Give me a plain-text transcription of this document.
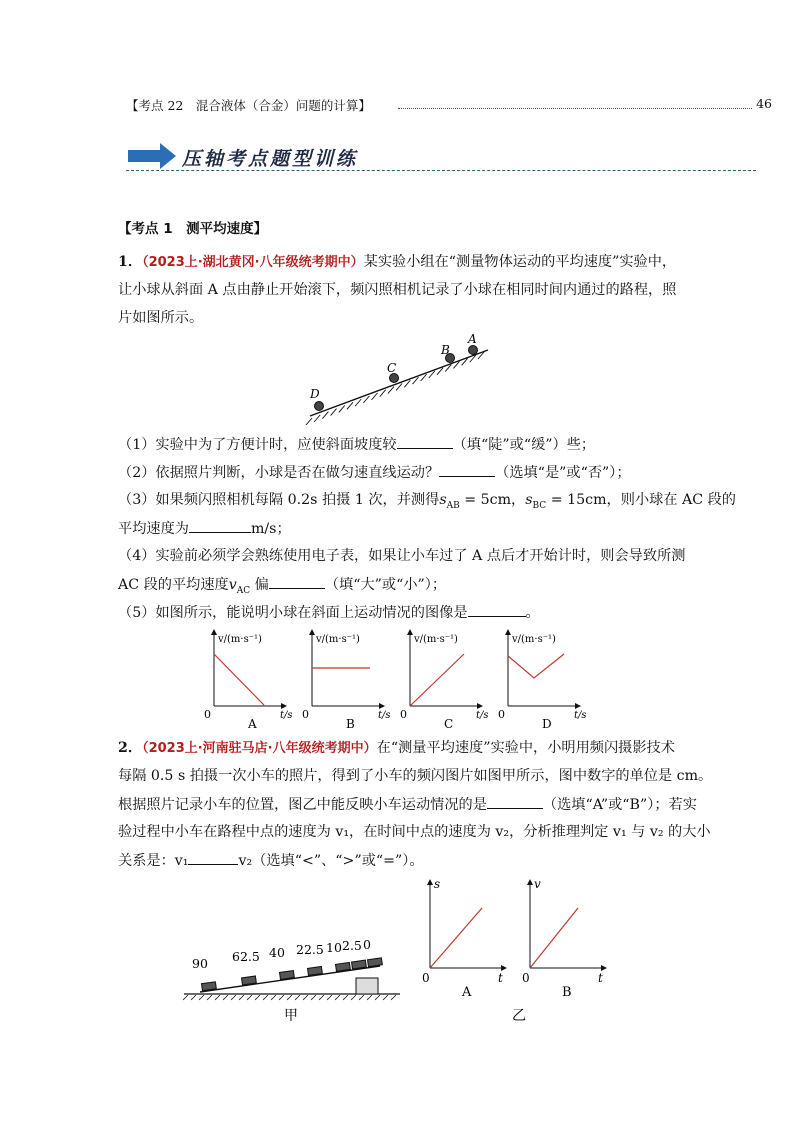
【考点 22　混合液体（合金）问题的计算】	46
压轴考点题型训练
【考点 1　测平均速度】
1．（2023上·湖北黄冈·八年级统考期中）某实验小组在“测量物体运动的平均速度”实验中，
让小球从斜面 A 点由静止开始滚下，频闪照相机记录了小球在相同时间内通过的路程，照
片如图所示。
A
B
C
D
（1）实验中为了方便计时，应使斜面坡度较	（填“陡”或“缓”）些；
（2）依据照片判断，小球是否在做匀速直线运动？	（选填“是”或“否”）；
（3）如果频闪照相机每隔 0.2s 拍摄 1 次，并测得$s_{AB} = 5cm$，$s_{BC} = 15cm$，则小球在 AC 段的
平均速度为	m/s；
（4）实验前必须学会熟练使用电子表，如果让小车过了 A 点后才开始计时，则会导致所测
AC 段的平均速度$v_{AC}$ 偏	（填“大”或“小”）；
（5）如图所示，能说明小球在斜面上运动情况的图像是	。
v/(m·s⁻¹)
t/s
0
A
v/(m·s⁻¹)
t/s
0
B
v/(m·s⁻¹)
t/s
0
C
v/(m·s⁻¹)
t/s
0
D
2．（2023上·河南驻马店·八年级统考期中）在“测量平均速度”实验中，小明用频闪摄影技术
每隔 0.5 s 拍摄一次小车的照片，得到了小车的频闪图片如图甲所示，图中数字的单位是 cm。
根据照片记录小车的位置，图乙中能反映小车运动情况的是	（选填“A”或“B”）；若实
验过程中小车在路程中点的速度为 v₁，在时间中点的速度为 v₂，分析推理判定 v₁ 与 v₂ 的大小
关系是：v₁	v₂（选填“<”、“>”或“=”）。
90 62.5 40 22.5 10 2.5 0
甲
s
t
0
A
v
t
0
B
乙
